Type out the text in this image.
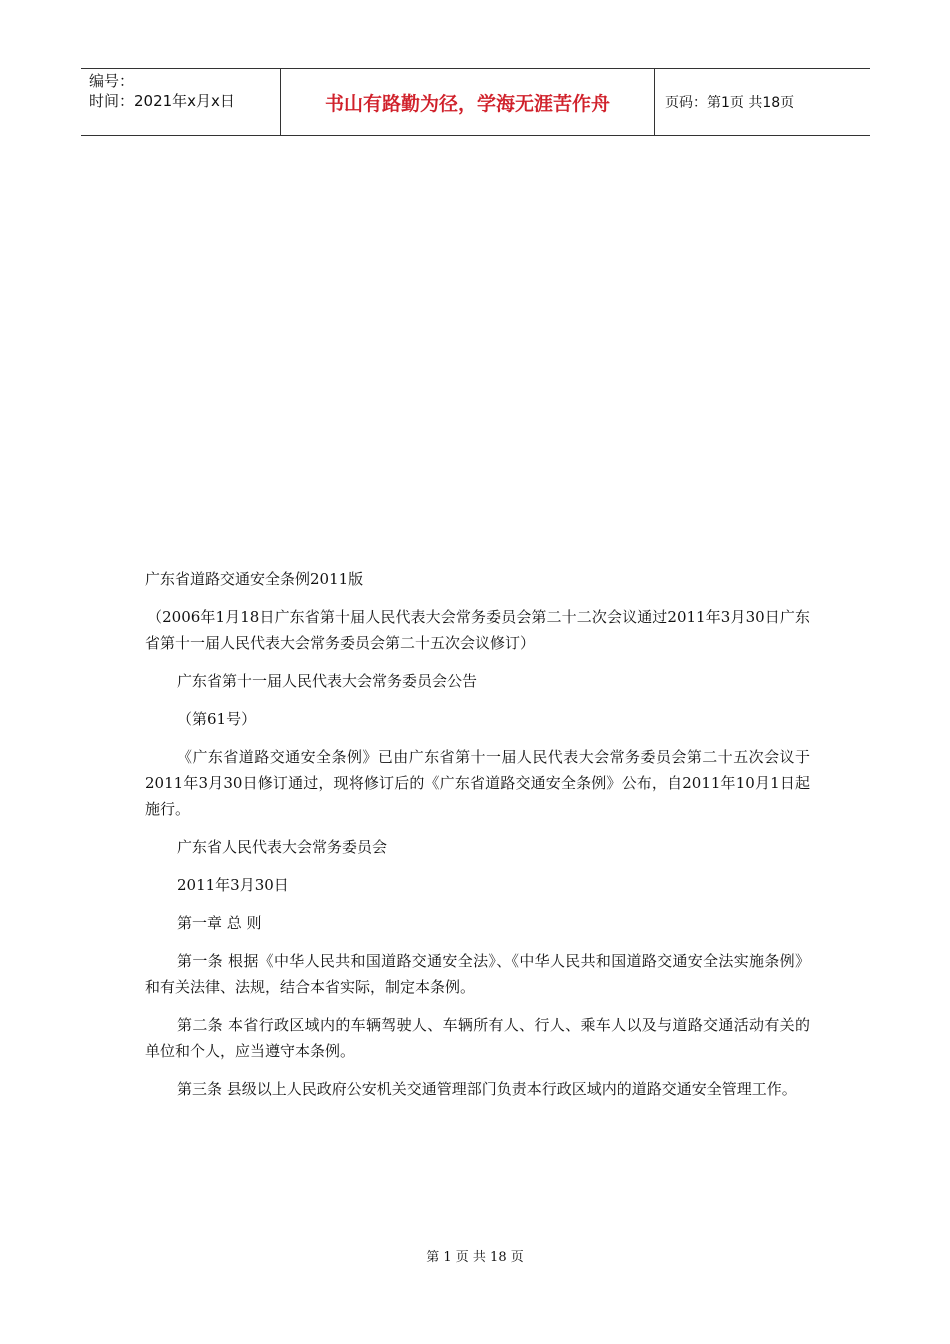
编号：
时间：2021年x月x日	书山有路勤为径，学海无涯苦作舟	页码：第1页 共18页

广东省道路交通安全条例2011版

（2006年1月18日广东省第十届人民代表大会常务委员会第二十二次会议通过2011年3月30日广东省第十一届人民代表大会常务委员会第二十五次会议修订）

广东省第十一届人民代表大会常务委员会公告

（第61号）

《广东省道路交通安全条例》已由广东省第十一届人民代表大会常务委员会第二十五次会议于2011年3月30日修订通过，现将修订后的《广东省道路交通安全条例》公布，自2011年10月1日起施行。

广东省人民代表大会常务委员会

2011年3月30日

第一章 总 则

第一条 根据《中华人民共和国道路交通安全法》、《中华人民共和国道路交通安全法实施条例》和有关法律、法规，结合本省实际，制定本条例。

第二条 本省行政区域内的车辆驾驶人、车辆所有人、行人、乘车人以及与道路交通活动有关的单位和个人，应当遵守本条例。

第三条 县级以上人民政府公安机关交通管理部门负责本行政区域内的道路交通安全管理工作。

第 1 页 共 18 页
